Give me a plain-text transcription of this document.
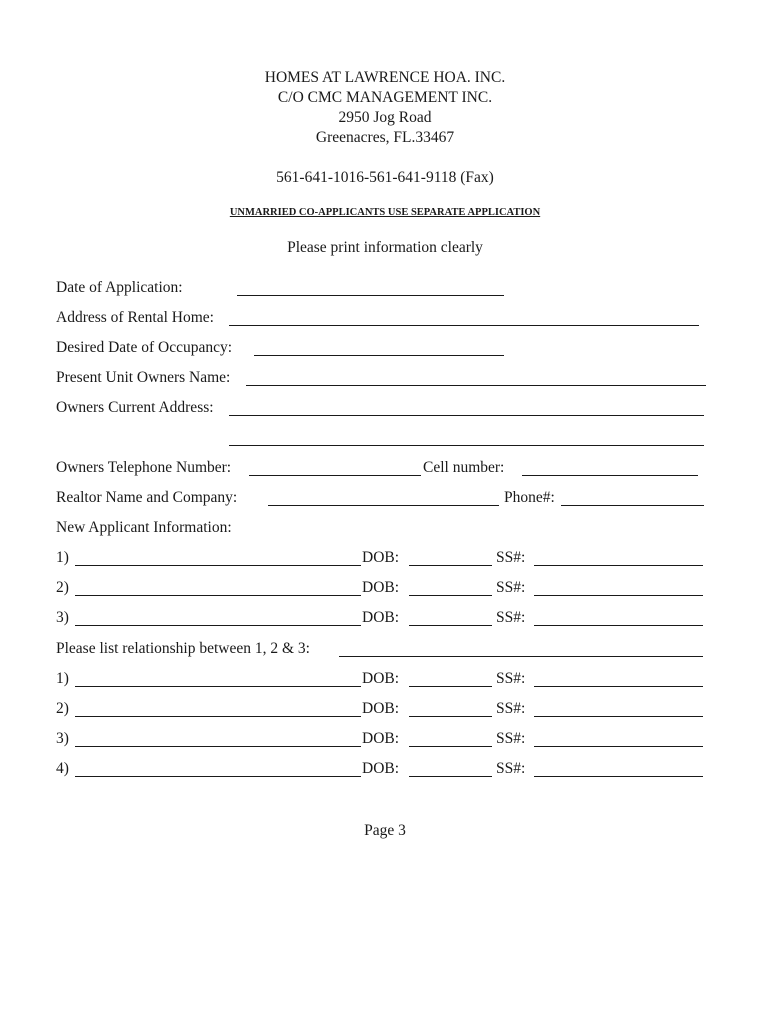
HOMES AT LAWRENCE HOA. INC.
C/O CMC MANAGEMENT INC.
2950 Jog Road
Greenacres, FL.33467
561-641-1016-561-641-9118 (Fax)
UNMARRIED CO-APPLICANTS USE SEPARATE APPLICATION
Please print information clearly
Date of Application:
Address of Rental Home:
Desired Date of Occupancy:
Present Unit Owners Name:
Owners Current Address:
Owners Telephone Number:	Cell number:
Realtor Name and Company:	Phone#:
New Applicant Information:
1)	DOB:	SS#:
2)	DOB:	SS#:
3)	DOB:	SS#:
Please list relationship between 1, 2 & 3:
1)	DOB:	SS#:
2)	DOB:	SS#:
3)	DOB:	SS#:
4)	DOB:	SS#:
Page 3
